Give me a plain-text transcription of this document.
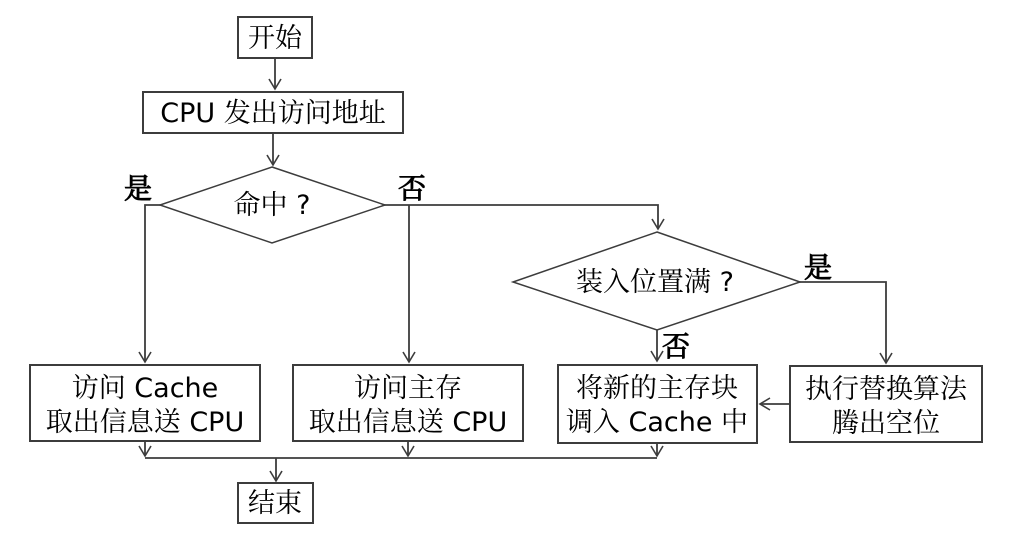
是	否
是
否
开始
CPU 发出访问地址
命中 ?
装入位置满 ?
访问 Cache
取出信息送 CPU
访问主存
取出信息送 CPU
将新的主存块
调入 Cache 中
执行替换算法
腾出空位
结束
